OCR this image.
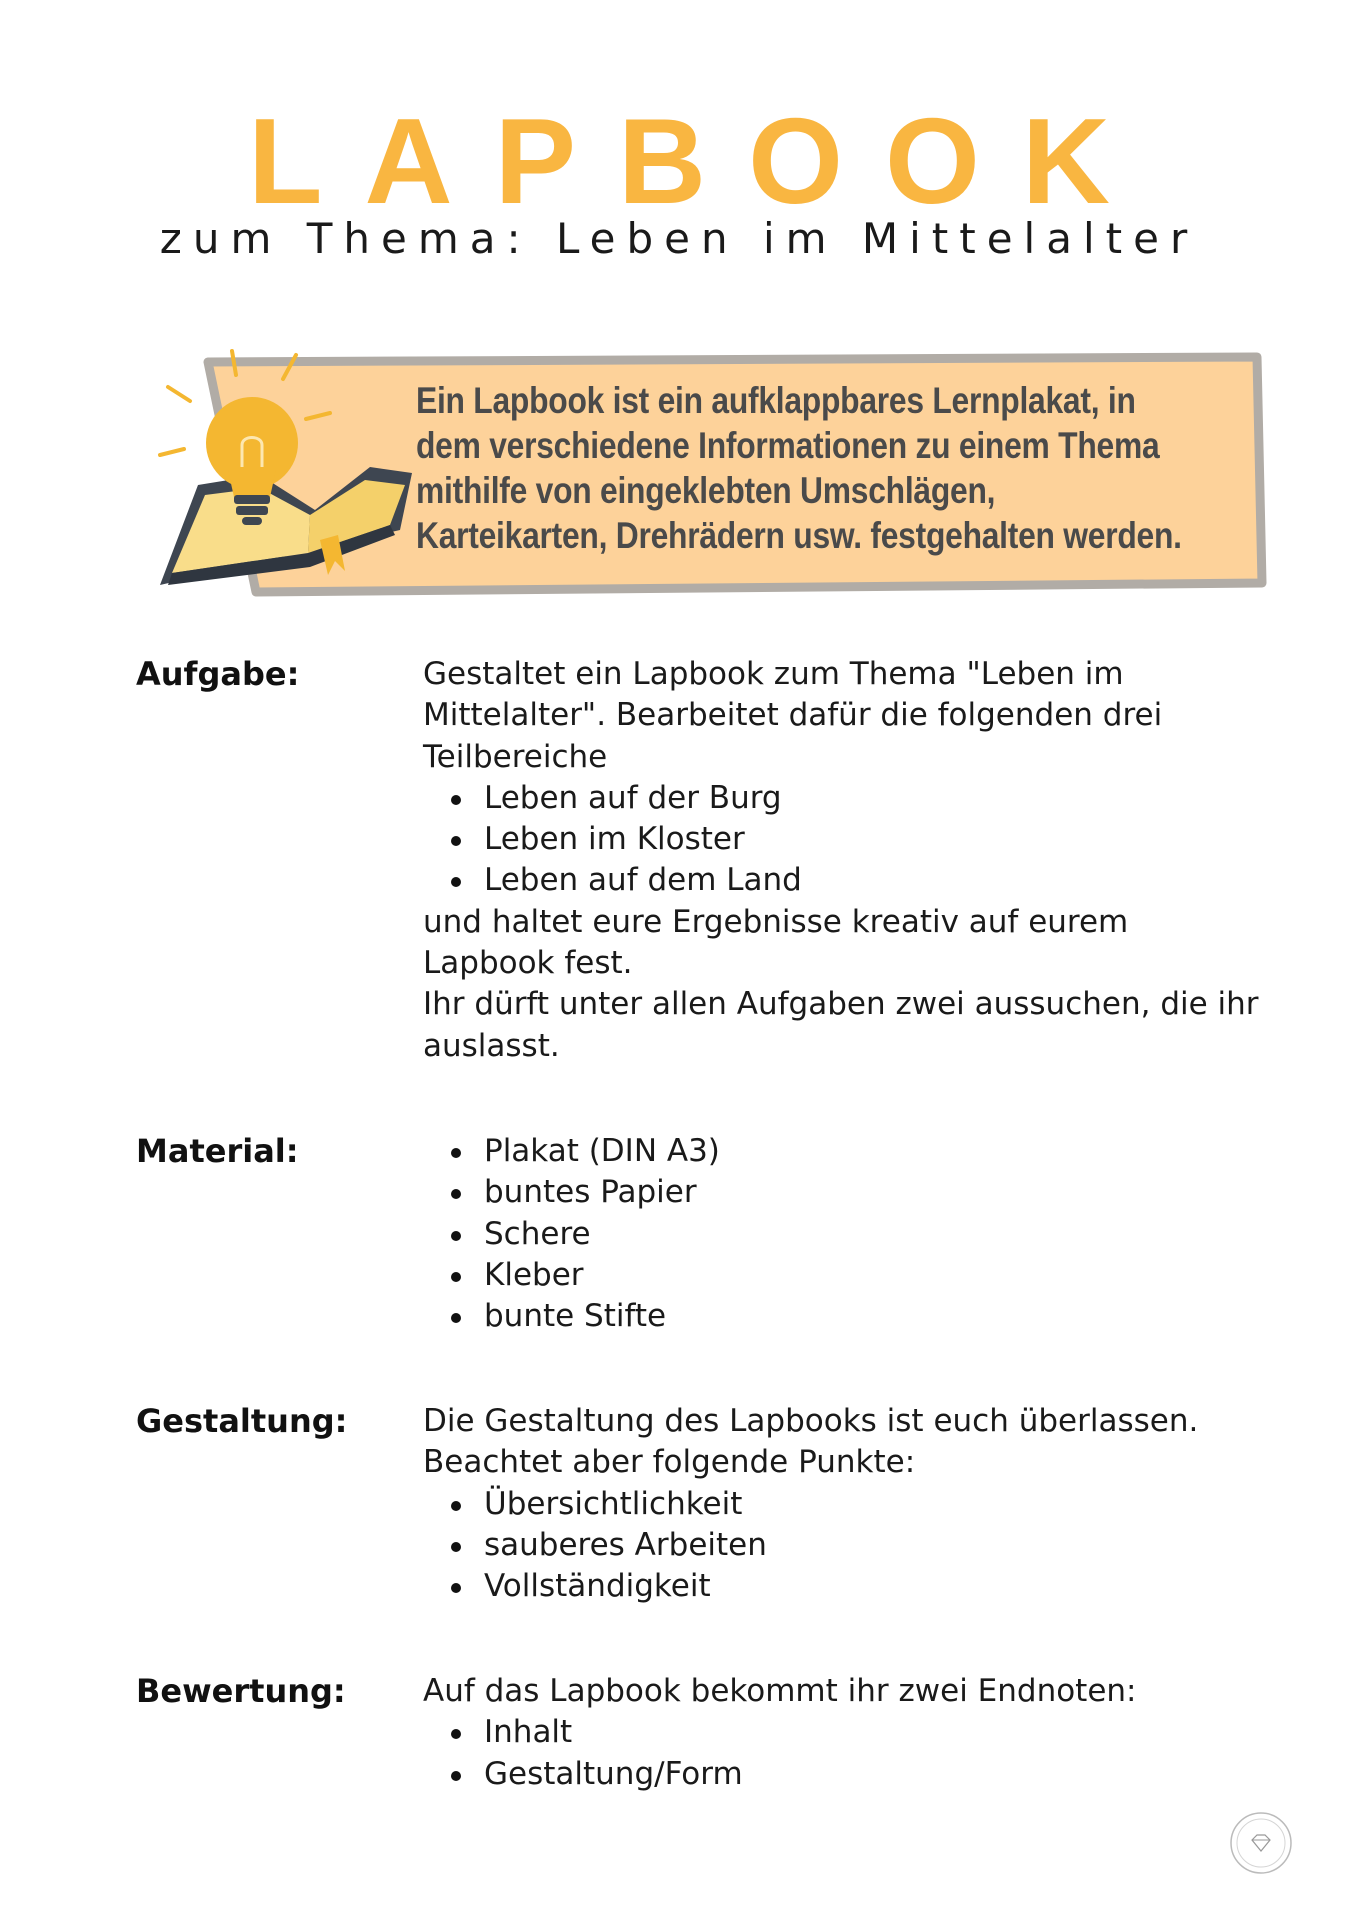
LAPBOOK
zum Thema: Leben im Mittelalter
Ein Lapbook ist ein aufklappbares Lernplakat, in
dem verschiedene Informationen zu einem Thema
mithilfe von eingeklebten Umschlägen,
Karteikarten, Drehrädern usw. festgehalten werden.
Aufgabe:	Gestaltet ein Lapbook zum Thema "Leben im Mittelalter". Bearbeitet dafür die folgenden drei Teilbereiche

Leben auf der Burg
Leben im Kloster
Leben auf dem Land

und haltet eure Ergebnisse kreativ auf eurem Lapbook fest.

Ihr dürft unter allen Aufgaben zwei aussuchen, die ihr auslasst.

Material:	Plakat (DIN A3)
buntes Papier
Schere
Kleber
bunte Stifte
Gestaltung: Die Gestaltung des Lapbooks ist euch überlassen. Beachtet aber folgende Punkte:

Übersichtlichkeit
sauberes Arbeiten
Vollständigkeit
Bewertung: Auf das Lapbook bekommt ihr zwei Endnoten:

Inhalt
Gestaltung/Form
